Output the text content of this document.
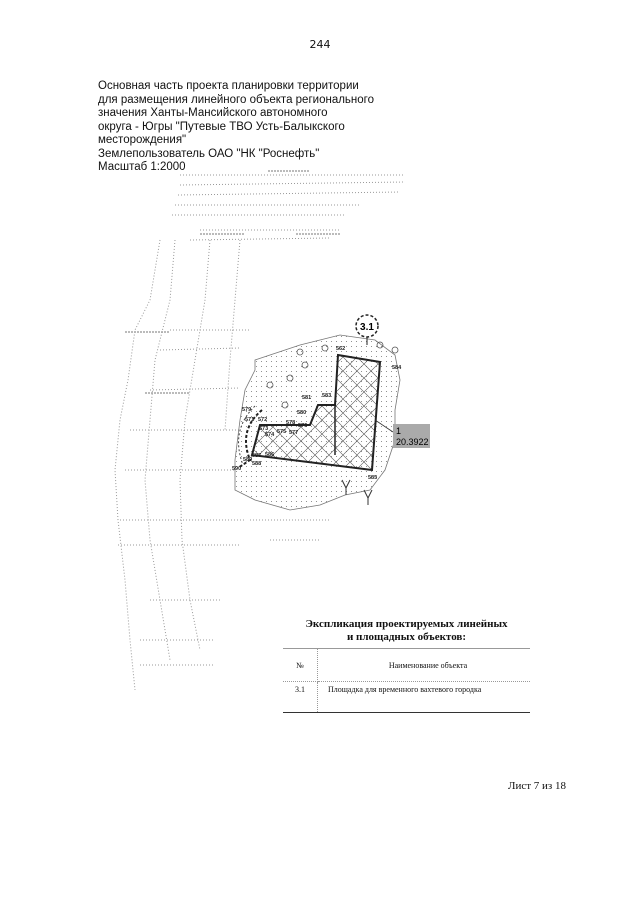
244
Основная часть проекта планировки территории
для размещения линейного объекта регионального
значения Ханты-Мансийского автономного
округа - Югры "Путевые ТВО Усть-Балыкского
месторождения"
Землепользователь ОАО "НК "Роснефть"
Масштаб 1:2000
3.1
1
20.3922
562
584
581 583
580
579
571 572	578
573	576
574 575 577
587 586
589
588
585
590
Экспликация проектируемых линейных
и площадных объектов:
№	Наименование объекта
3.1	Площадка для временного вахтевого городка
Лист 7 из 18
